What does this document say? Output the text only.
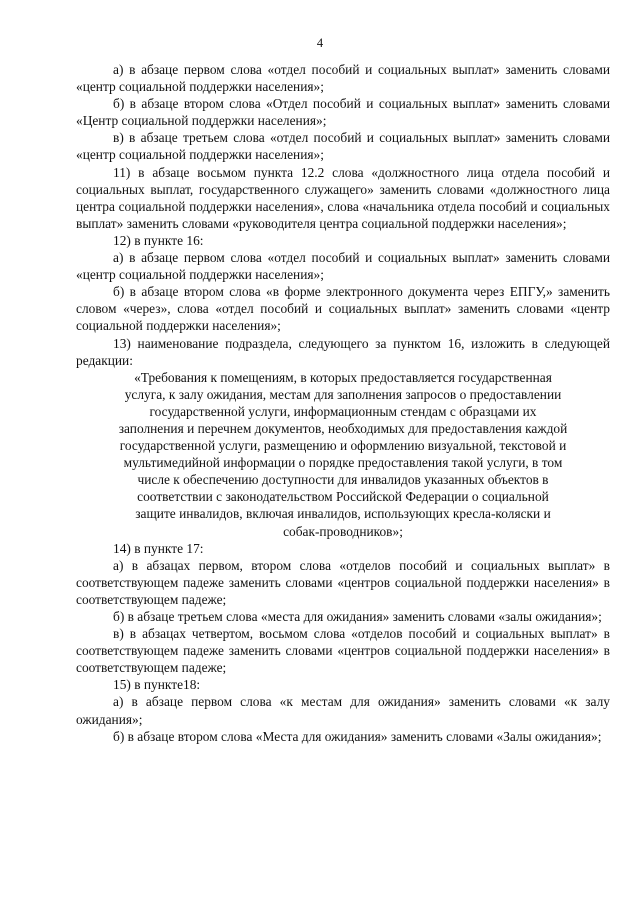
4

а) в абзаце первом слова «отдел пособий и социальных выплат» заменить словами «центр социальной поддержки населения»;

б) в абзаце втором слова «Отдел пособий и социальных выплат» заменить словами «Центр социальной поддержки населения»;

в) в абзаце третьем слова «отдел пособий и социальных выплат» заменить словами «центр социальной поддержки населения»;

11) в абзаце восьмом пункта 12.2 слова «должностного лица отдела пособий и социальных выплат, государственного служащего» заменить словами «должностного лица центра социальной поддержки населения», слова «начальника отдела пособий и социальных выплат» заменить словами «руководителя центра социальной поддержки населения»;

12) в пункте 16:

а) в абзаце первом слова «отдел пособий и социальных выплат» заменить словами «центр социальной поддержки населения»;

б) в абзаце втором слова «в форме электронного документа через ЕПГУ,» заменить словом «через», слова «отдел пособий и социальных выплат» заменить словами «центр социальной поддержки населения»;

13) наименование подраздела, следующего за пунктом 16, изложить в следующей редакции:

«Требования к помещениям, в которых предоставляется государственная услуга, к залу ожидания, местам для заполнения запросов о предоставлении государственной услуги, информационным стендам с образцами их заполнения и перечнем документов, необходимых для предоставления каждой государственной услуги, размещению и оформлению визуальной, текстовой и мультимедийной информации о порядке предоставления такой услуги, в том числе к обеспечению доступности для инвалидов указанных объектов в соответствии с законодательством Российской Федерации о социальной защите инвалидов, включая инвалидов, использующих кресла-коляски и собак-проводников»;

14) в пункте 17:

а) в абзацах первом, втором слова «отделов пособий и социальных выплат» в соответствующем падеже заменить словами «центров социальной поддержки населения» в соответствующем падеже;

б) в абзаце третьем слова «места для ожидания» заменить словами «залы ожидания»;

в) в абзацах четвертом, восьмом слова «отделов пособий и социальных выплат» в соответствующем падеже заменить словами «центров социальной поддержки населения» в соответствующем падеже;

15) в пункте18:

а) в абзаце первом слова «к местам для ожидания» заменить словами «к залу ожидания»;

б) в абзаце втором слова «Места для ожидания» заменить словами «Залы ожидания»;
